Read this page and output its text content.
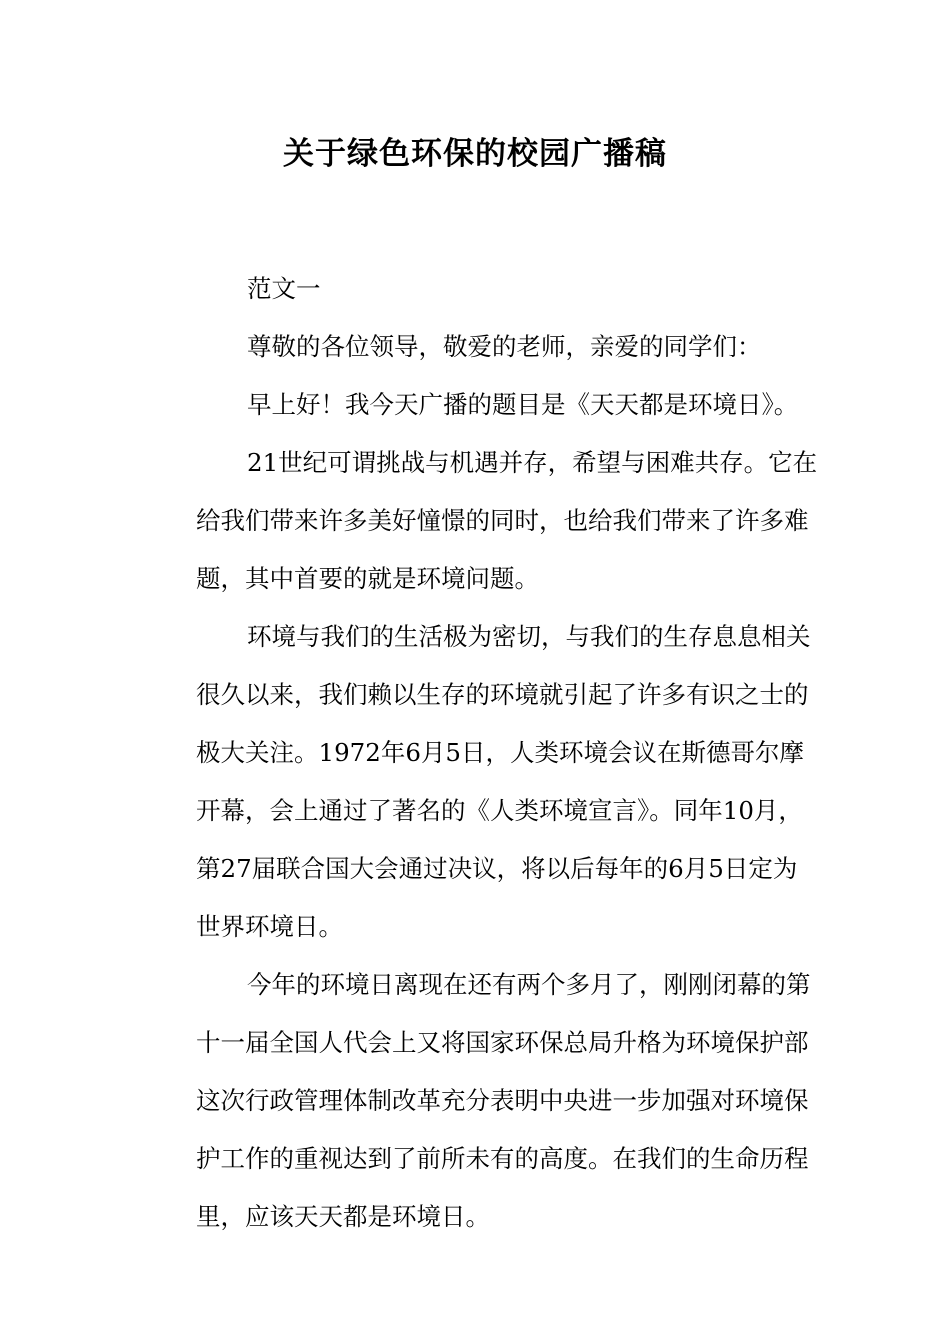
关于绿色环保的校园广播稿
范文一
尊敬的各位领导，敬爱的老师，亲爱的同学们：
早上好！我今天广播的题目是《天天都是环境日》。
21世纪可谓挑战与机遇并存，希望与困难共存。它在
给我们带来许多美好憧憬的同时，也给我们带来了许多难
题，其中首要的就是环境问题。
环境与我们的生活极为密切，与我们的生存息息相关
很久以来，我们赖以生存的环境就引起了许多有识之士的
极大关注。1972年6月5日，人类环境会议在斯德哥尔摩
开幕，会上通过了著名的《人类环境宣言》。同年10月，
第27届联合国大会通过决议，将以后每年的6月5日定为
世界环境日。
今年的环境日离现在还有两个多月了，刚刚闭幕的第
十一届全国人代会上又将国家环保总局升格为环境保护部
这次行政管理体制改革充分表明中央进一步加强对环境保
护工作的重视达到了前所未有的高度。在我们的生命历程
里，应该天天都是环境日。
